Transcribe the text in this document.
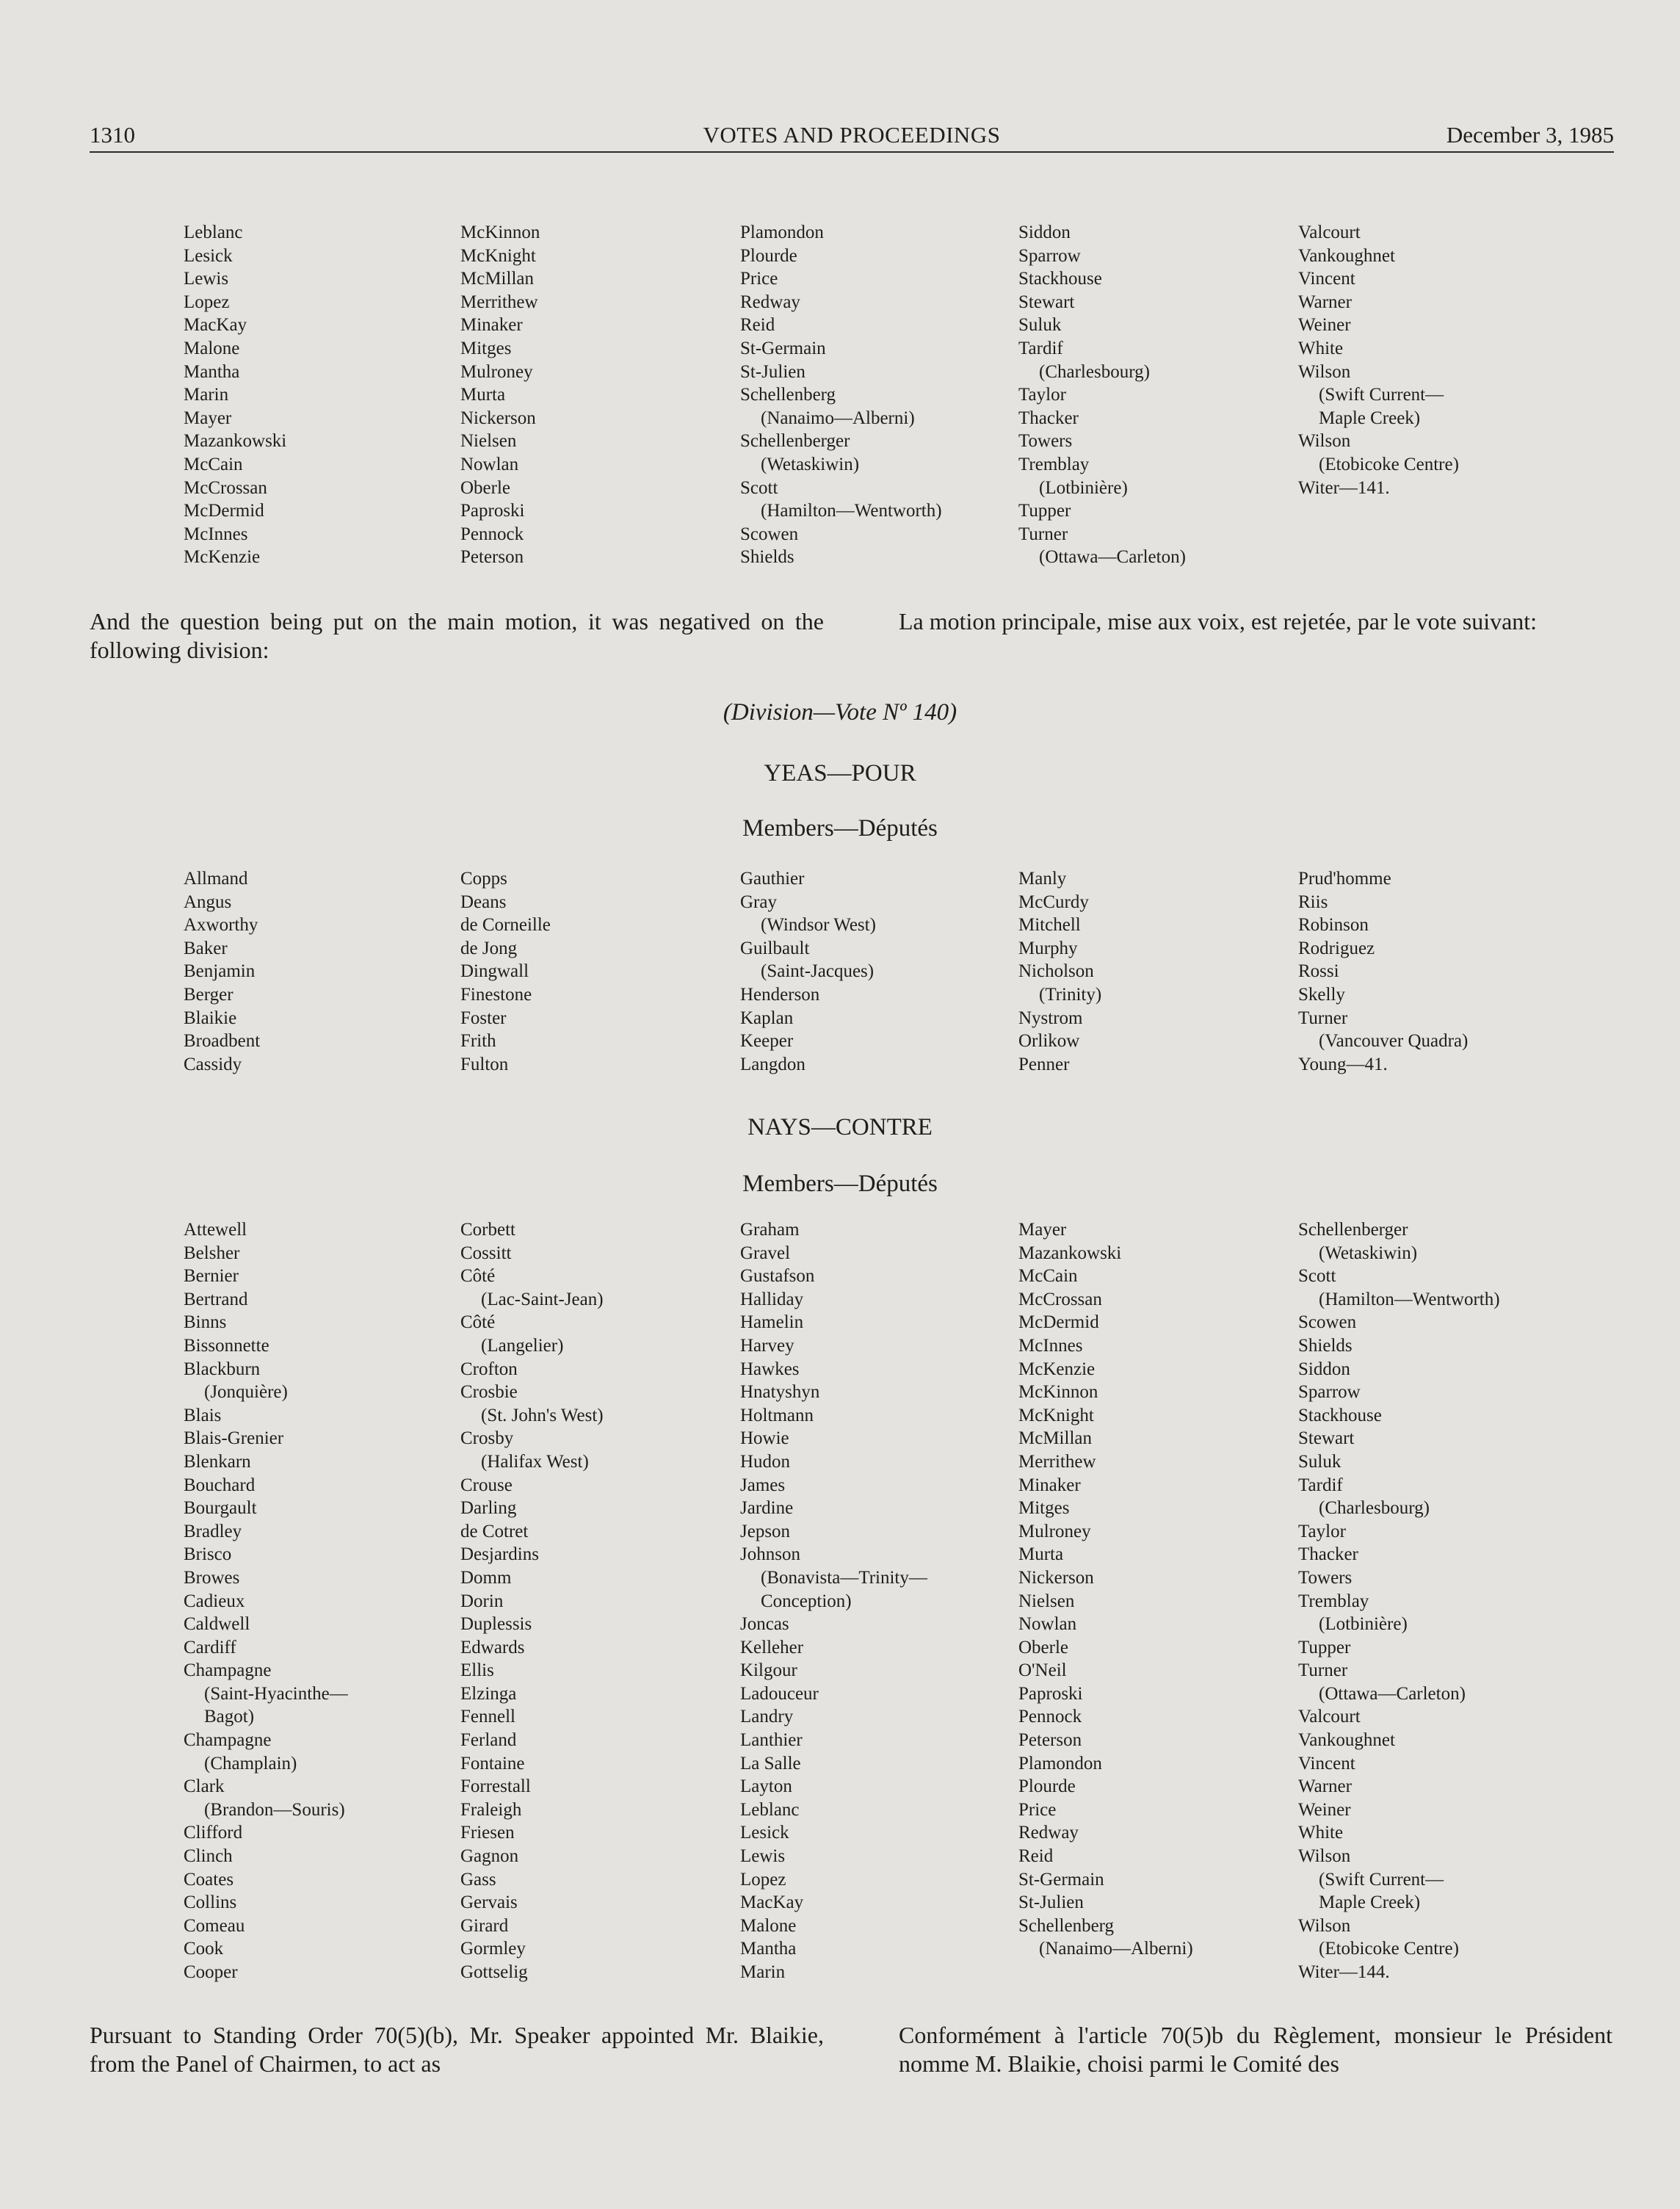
1310	VOTES AND PROCEEDINGS	December 3, 1985
Leblanc
Lesick
Lewis
Lopez
MacKay
Malone
Mantha
Marin
Mayer
Mazankowski
McCain
McCrossan
McDermid
McInnes
McKenzie
McKinnon
McKnight
McMillan
Merrithew
Minaker
Mitges
Mulroney
Murta
Nickerson
Nielsen
Nowlan
Oberle
Paproski
Pennock
Peterson
Plamondon
Plourde
Price
Redway
Reid
St-Germain
St-Julien
Schellenberg
(Nanaimo—Alberni)
Schellenberger
(Wetaskiwin)
Scott
(Hamilton—Wentworth)
Scowen
Shields
Siddon
Sparrow
Stackhouse
Stewart
Suluk
Tardif
(Charlesbourg)
Taylor
Thacker
Towers
Tremblay
(Lotbinière)
Tupper
Turner
(Ottawa—Carleton)
Valcourt
Vankoughnet
Vincent
Warner
Weiner
White
Wilson
(Swift Current—
Maple Creek)
Wilson
(Etobicoke Centre)
Witer—141.
And the question being put on the main motion, it was negatived on the following division:
La motion principale, mise aux voix, est rejetée, par le vote suivant:
(Division—Vote Nº 140)
YEAS—POUR
Members—Députés
Allmand
Angus
Axworthy
Baker
Benjamin
Berger
Blaikie
Broadbent
Cassidy
Copps
Deans
de Corneille
de Jong
Dingwall
Finestone
Foster
Frith
Fulton
Gauthier
Gray
(Windsor West)
Guilbault
(Saint-Jacques)
Henderson
Kaplan
Keeper
Langdon
Manly
McCurdy
Mitchell
Murphy
Nicholson
(Trinity)
Nystrom
Orlikow
Penner
Prud'homme
Riis
Robinson
Rodriguez
Rossi
Skelly
Turner
(Vancouver Quadra)
Young—41.
NAYS—CONTRE
Members—Députés
Attewell
Belsher
Bernier
Bertrand
Binns
Bissonnette
Blackburn
(Jonquière)
Blais
Blais-Grenier
Blenkarn
Bouchard
Bourgault
Bradley
Brisco
Browes
Cadieux
Caldwell
Cardiff
Champagne
(Saint-Hyacinthe—
Bagot)
Champagne
(Champlain)
Clark
(Brandon—Souris)
Clifford
Clinch
Coates
Collins
Comeau
Cook
Cooper
Corbett
Cossitt
Côté
(Lac-Saint-Jean)
Côté
(Langelier)
Crofton
Crosbie
(St. John's West)
Crosby
(Halifax West)
Crouse
Darling
de Cotret
Desjardins
Domm
Dorin
Duplessis
Edwards
Ellis
Elzinga
Fennell
Ferland
Fontaine
Forrestall
Fraleigh
Friesen
Gagnon
Gass
Gervais
Girard
Gormley
Gottselig
Graham
Gravel
Gustafson
Halliday
Hamelin
Harvey
Hawkes
Hnatyshyn
Holtmann
Howie
Hudon
James
Jardine
Jepson
Johnson
(Bonavista—Trinity—
Conception)
Joncas
Kelleher
Kilgour
Ladouceur
Landry
Lanthier
La Salle
Layton
Leblanc
Lesick
Lewis
Lopez
MacKay
Malone
Mantha
Marin
Mayer
Mazankowski
McCain
McCrossan
McDermid
McInnes
McKenzie
McKinnon
McKnight
McMillan
Merrithew
Minaker
Mitges
Mulroney
Murta
Nickerson
Nielsen
Nowlan
Oberle
O'Neil
Paproski
Pennock
Peterson
Plamondon
Plourde
Price
Redway
Reid
St-Germain
St-Julien
Schellenberg
(Nanaimo—Alberni)
Schellenberger
(Wetaskiwin)
Scott
(Hamilton—Wentworth)
Scowen
Shields
Siddon
Sparrow
Stackhouse
Stewart
Suluk
Tardif
(Charlesbourg)
Taylor
Thacker
Towers
Tremblay
(Lotbinière)
Tupper
Turner
(Ottawa—Carleton)
Valcourt
Vankoughnet
Vincent
Warner
Weiner
White
Wilson
(Swift Current—
Maple Creek)
Wilson
(Etobicoke Centre)
Witer—144.
Pursuant to Standing Order 70(5)(b), Mr. Speaker appointed Mr. Blaikie, from the Panel of Chairmen, to act as
Conformément à l'article 70(5)b du Règlement, monsieur le Président nomme M. Blaikie, choisi parmi le Comité des
